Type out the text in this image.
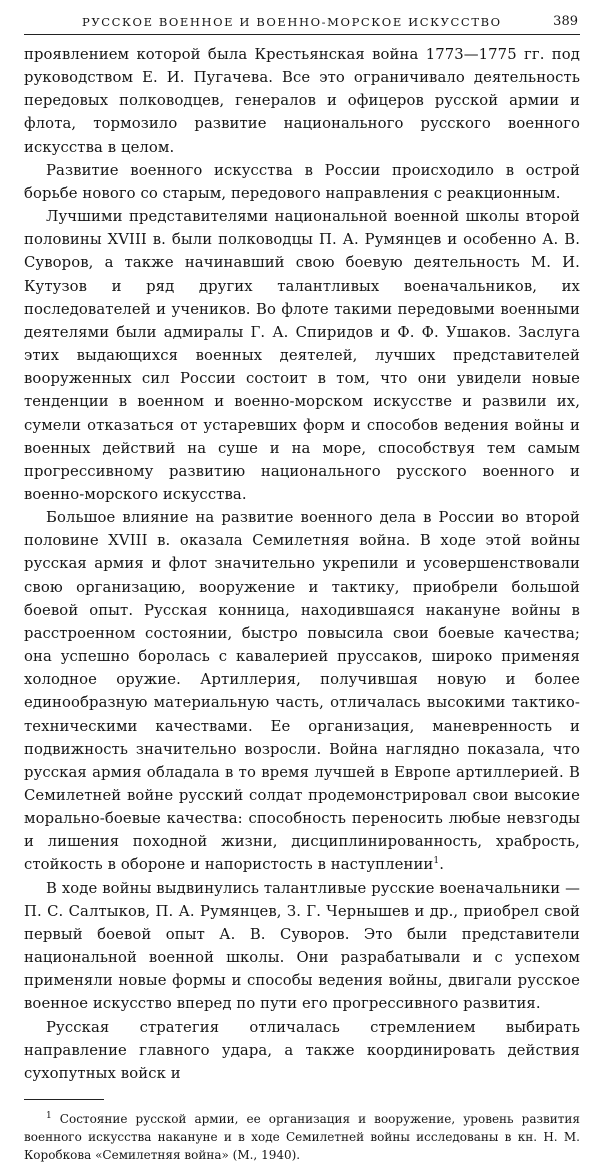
РУССКОЕ ВОЕННОЕ И ВОЕННО-МОРСКОЕ ИСКУССТВО	389

проявлением которой была Крестьянская война 1773—1775 гг. под руководством Е. И. Пугачева. Все это ограничивало деятельность передовых полководцев, генералов и офицеров русской армии и флота, тормозило развитие национального русского военного искусства в целом.

Развитие военного искусства в России происходило в острой борьбе нового со старым, передового направления с реакционным.

Лучшими представителями национальной военной школы второй половины XVIII в. были полководцы П. А. Румянцев и особенно А. В. Суворов, а также начинавший свою боевую деятельность М. И. Кутузов и ряд других талантливых военачальников, их последователей и учеников. Во флоте такими передовыми военными деятелями были адмиралы Г. А. Спиридов и Ф. Ф. Ушаков. Заслуга этих выдающихся военных деятелей, лучших представителей вооруженных сил России состоит в том, что они увидели новые тенденции в военном и военно-морском искусстве и развили их, сумели отказаться от устаревших форм и способов ведения войны и военных действий на суше и на море, способствуя тем самым прогрессивному развитию национального русского военного и военно-морского искусства.

Большое влияние на развитие военного дела в России во второй половине XVIII в. оказала Семилетняя война. В ходе этой войны русская армия и флот значительно укрепили и усовершенствовали свою организацию, вооружение и тактику, приобрели большой боевой опыт. Русская конница, находившаяся накануне войны в расстроенном состоянии, быстро повысила свои боевые качества; она успешно боролась с кавалерией пруссаков, широко применяя холодное оружие. Артиллерия, получившая новую и более единообразную материальную часть, отличалась высокими тактико-техническими качествами. Ее организация, маневренность и подвижность значительно возросли. Война наглядно показала, что русская армия обладала в то время лучшей в Европе артиллерией. В Семилетней войне русский солдат продемонстрировал свои высокие морально-боевые качества: способность переносить любые невзгоды и лишения походной жизни, дисциплинированность, храбрость, стойкость в обороне и напористость в наступлении$^1$.

В ходе войны выдвинулись талантливые русские военачальники — П. С. Салтыков, П. А. Румянцев, З. Г. Чернышев и др., приобрел свой первый боевой опыт А. В. Суворов. Это были представители национальной военной школы. Они разрабатывали и с успехом применяли новые формы и способы ведения войны, двигали русское военное искусство вперед по пути его прогрессивного развития.

Русская стратегия отличалась стремлением выбирать направление главного удара, а также координировать действия сухопутных войск и

$^1$ Состояние русской армии, ее организация и вооружение, уровень развития военного искусства накануне и в ходе Семилетней войны исследованы в кн. Н. М. Коробкова «Семилетняя война» (М., 1940).
